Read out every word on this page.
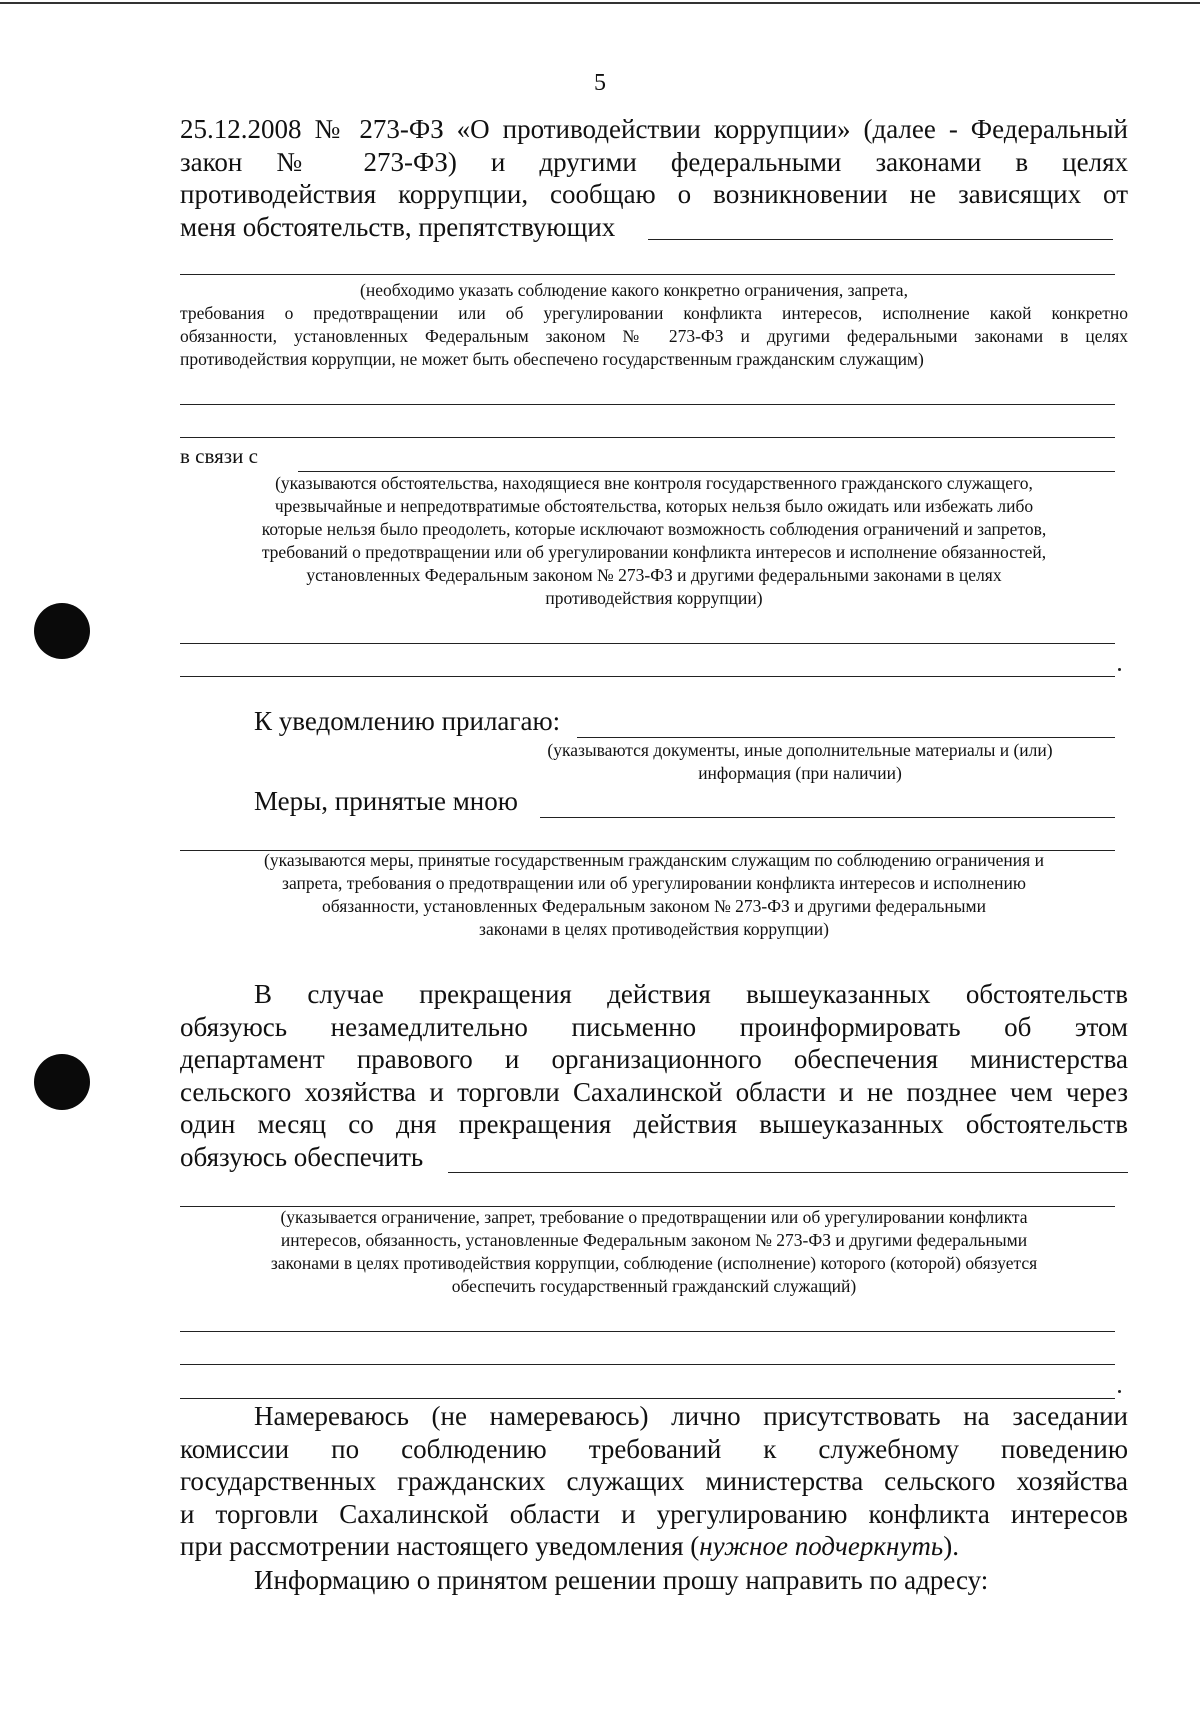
5
25.12.2008 № 273-ФЗ «О противодействии коррупции» (далее - Федеральный
закон № 273-ФЗ) и другими федеральными законами в целях
противодействия коррупции, сообщаю о возникновении не зависящих от
меня обстоятельств, препятствующих
(необходимо указать соблюдение какого конкретно ограничения, запрета,
требования о предотвращении или об урегулировании конфликта интересов, исполнение какой конкретно
обязанности, установленных Федеральным законом № 273-ФЗ и другими федеральными законами в целях
противодействия коррупции, не может быть обеспечено государственным гражданским служащим)
в связи с
(указываются обстоятельства, находящиеся вне контроля государственного гражданского служащего,
чрезвычайные и непредотвратимые обстоятельства, которых нельзя было ожидать или избежать либо
которые нельзя было преодолеть, которые исключают возможность соблюдения ограничений и запретов,
требований о предотвращении или об урегулировании конфликта интересов и исполнение обязанностей,
установленных Федеральным законом № 273-ФЗ и другими федеральными законами в целях
противодействия коррупции)
К уведомлению прилагаю:
(указываются документы, иные дополнительные материалы и (или)
информация (при наличии)
Меры, принятые мною
(указываются меры, принятые государственным гражданским служащим по соблюдению ограничения и
запрета, требования о предотвращении или об урегулировании конфликта интересов и исполнению
обязанности, установленных Федеральным законом № 273-ФЗ и другими федеральными
законами в целях противодействия коррупции)
В случае прекращения действия вышеуказанных обстоятельств
обязуюсь незамедлительно письменно проинформировать об этом
департамент правового и организационного обеспечения министерства
сельского хозяйства и торговли Сахалинской области и не позднее чем через
один месяц со дня прекращения действия вышеуказанных обстоятельств
обязуюсь обеспечить
(указывается ограничение, запрет, требование о предотвращении или об урегулировании конфликта
интересов, обязанность, установленные Федеральным законом № 273-ФЗ и другими федеральными
законами в целях противодействия коррупции, соблюдение (исполнение) которого (которой) обязуется
обеспечить государственный гражданский служащий)
Намереваюсь (не намереваюсь) лично присутствовать на заседании
комиссии по соблюдению требований к служебному поведению
государственных гражданских служащих министерства сельского хозяйства
и торговли Сахалинской области и урегулированию конфликта интересов
при рассмотрении настоящего уведомления (нужное подчеркнуть).
Информацию о принятом решении прошу направить по адресу:
